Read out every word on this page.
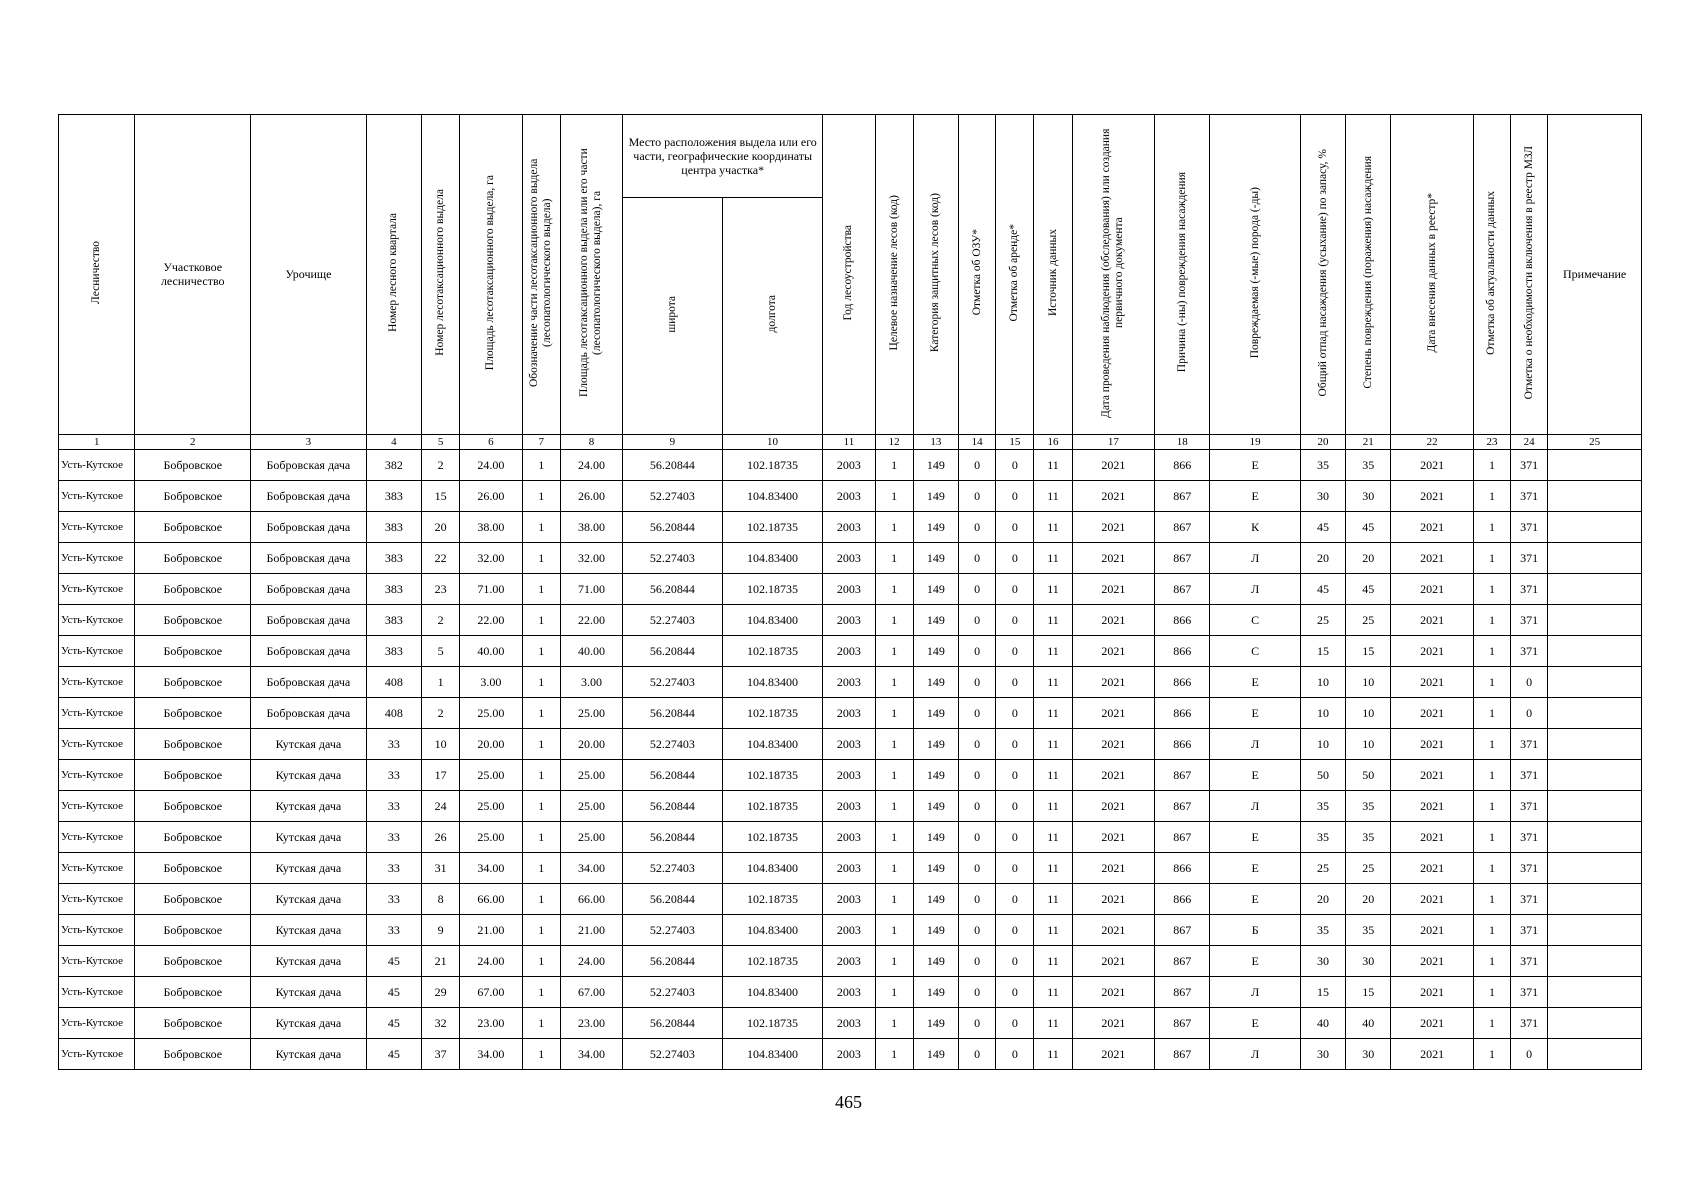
Лесничество	Участковое лесничество	Урочище	Номер лесного квартала	Номер лесотаксационного выдела	Площадь лесотаксационного выдела, га	Обозначение части лесотаксационного выдела (лесопатологического выдела)	Площадь лесотаксационного выдела или его части (лесопатологического выдела), га	Место расположения выдела или его части, географические координаты центра участка*		Год лесоустройства	Целевое назначение лесов (код)	Категория защитных лесов (код)	Отметка об ОЗУ*	Отметка об аренде*	Источник данных	Дата проведения наблюдения (обследования) или создания первичного документа	Причина (-ны) повреждения насаждения	Повреждаемая (-мые) порода (-ды)	Общий отпад насаждения (усыхание) по запасу, %	Степень повреждения (поражения) насаждения	Дата внесения данных в реестр*	Отметка об актуальности данных	Отметка о необходимости включения в реестр МЗЛ	Примечание
								широта	долгота															
1	2	3	4	5	6	7	8	9	10	11	12	13	14	15	16	17	18	19	20	21	22	23	24	25
Усть-Кутское	Бобровское	Бобровская дача	382	2	24.00	1	24.00	56.20844	102.18735	2003	1	149	0	0	11	2021	866	Е	35	35	2021	1	371	
Усть-Кутское	Бобровское	Бобровская дача	383	15	26.00	1	26.00	52.27403	104.83400	2003	1	149	0	0	11	2021	867	Е	30	30	2021	1	371	
Усть-Кутское	Бобровское	Бобровская дача	383	20	38.00	1	38.00	56.20844	102.18735	2003	1	149	0	0	11	2021	867	К	45	45	2021	1	371	
Усть-Кутское	Бобровское	Бобровская дача	383	22	32.00	1	32.00	52.27403	104.83400	2003	1	149	0	0	11	2021	867	Л	20	20	2021	1	371	
Усть-Кутское	Бобровское	Бобровская дача	383	23	71.00	1	71.00	56.20844	102.18735	2003	1	149	0	0	11	2021	867	Л	45	45	2021	1	371	
Усть-Кутское	Бобровское	Бобровская дача	383	2	22.00	1	22.00	52.27403	104.83400	2003	1	149	0	0	11	2021	866	С	25	25	2021	1	371	
Усть-Кутское	Бобровское	Бобровская дача	383	5	40.00	1	40.00	56.20844	102.18735	2003	1	149	0	0	11	2021	866	С	15	15	2021	1	371	
Усть-Кутское	Бобровское	Бобровская дача	408	1	3.00	1	3.00	52.27403	104.83400	2003	1	149	0	0	11	2021	866	Е	10	10	2021	1	0	
Усть-Кутское	Бобровское	Бобровская дача	408	2	25.00	1	25.00	56.20844	102.18735	2003	1	149	0	0	11	2021	866	Е	10	10	2021	1	0	
Усть-Кутское	Бобровское	Кутская дача	33	10	20.00	1	20.00	52.27403	104.83400	2003	1	149	0	0	11	2021	866	Л	10	10	2021	1	371	
Усть-Кутское	Бобровское	Кутская дача	33	17	25.00	1	25.00	56.20844	102.18735	2003	1	149	0	0	11	2021	867	Е	50	50	2021	1	371	
Усть-Кутское	Бобровское	Кутская дача	33	24	25.00	1	25.00	56.20844	102.18735	2003	1	149	0	0	11	2021	867	Л	35	35	2021	1	371	
Усть-Кутское	Бобровское	Кутская дача	33	26	25.00	1	25.00	56.20844	102.18735	2003	1	149	0	0	11	2021	867	Е	35	35	2021	1	371	
Усть-Кутское	Бобровское	Кутская дача	33	31	34.00	1	34.00	52.27403	104.83400	2003	1	149	0	0	11	2021	866	Е	25	25	2021	1	371	
Усть-Кутское	Бобровское	Кутская дача	33	8	66.00	1	66.00	56.20844	102.18735	2003	1	149	0	0	11	2021	866	Е	20	20	2021	1	371	
Усть-Кутское	Бобровское	Кутская дача	33	9	21.00	1	21.00	52.27403	104.83400	2003	1	149	0	0	11	2021	867	Б	35	35	2021	1	371	
Усть-Кутское	Бобровское	Кутская дача	45	21	24.00	1	24.00	56.20844	102.18735	2003	1	149	0	0	11	2021	867	Е	30	30	2021	1	371	
Усть-Кутское	Бобровское	Кутская дача	45	29	67.00	1	67.00	52.27403	104.83400	2003	1	149	0	0	11	2021	867	Л	15	15	2021	1	371	
Усть-Кутское	Бобровское	Кутская дача	45	32	23.00	1	23.00	56.20844	102.18735	2003	1	149	0	0	11	2021	867	Е	40	40	2021	1	371	
Усть-Кутское	Бобровское	Кутская дача	45	37	34.00	1	34.00	52.27403	104.83400	2003	1	149	0	0	11	2021	867	Л	30	30	2021	1	0	
465
